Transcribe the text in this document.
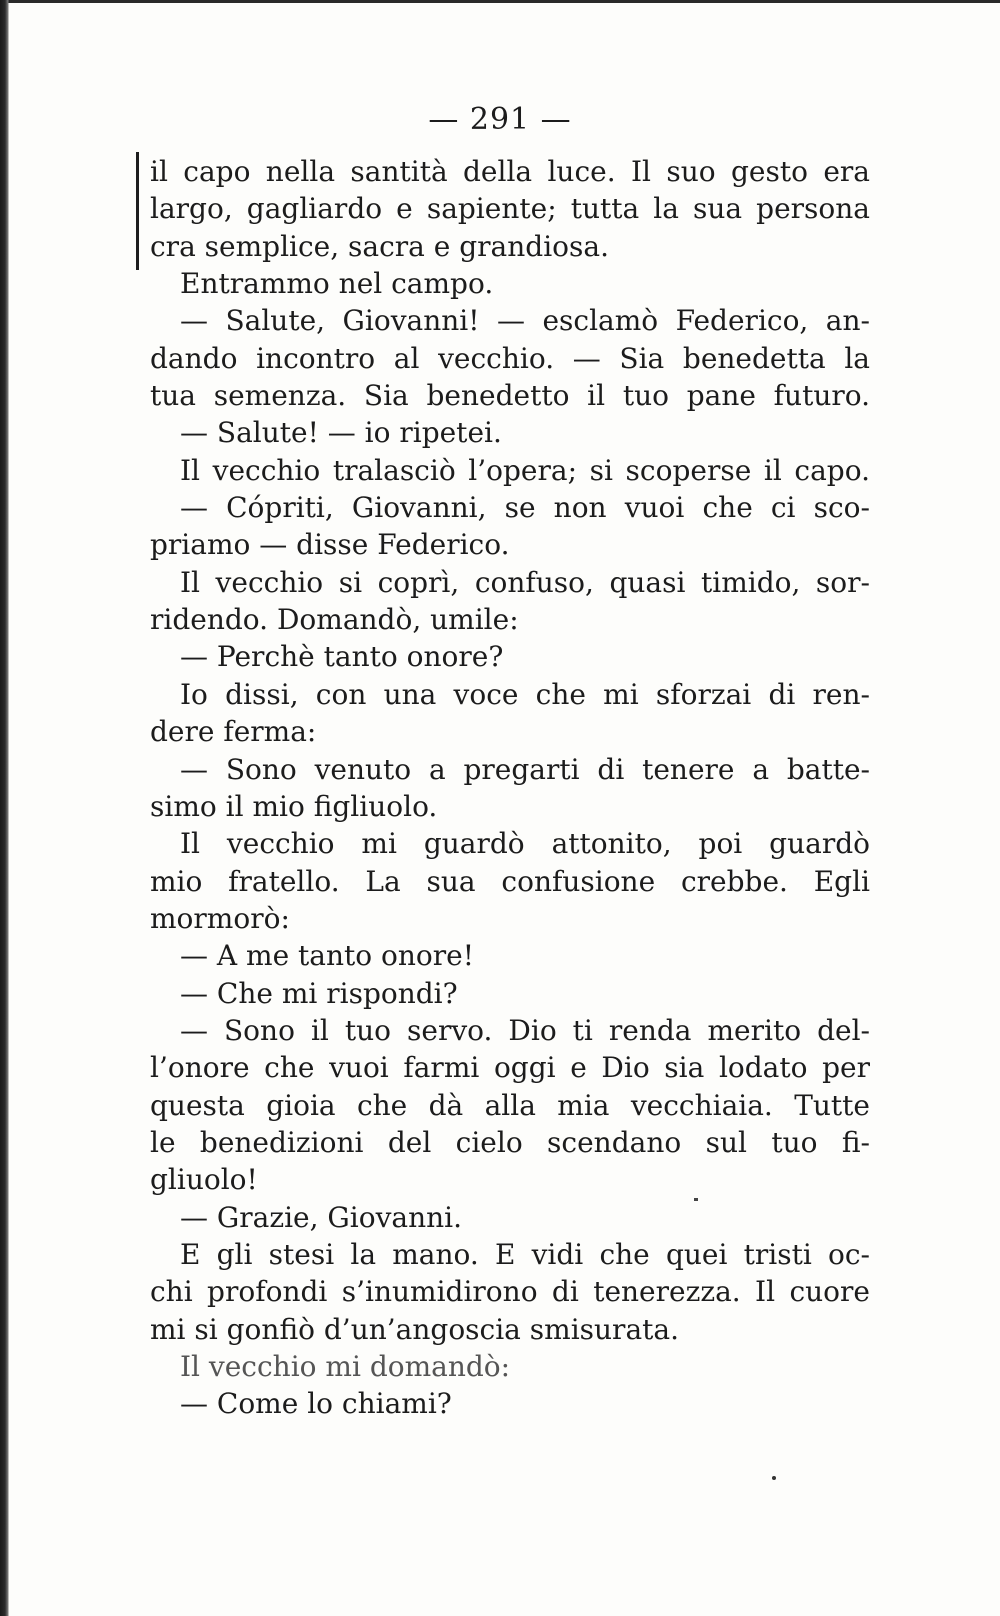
— 291 —
il capo nella santità della luce. Il suo gesto era
largo, gagliardo e sapiente; tutta la sua persona
cra semplice, sacra e grandiosa.
Entrammo nel campo.
— Salute, Giovanni! — esclamò Federico, an-
dando incontro al vecchio. — Sia benedetta la
tua semenza. Sia benedetto il tuo pane futuro.
— Salute! — io ripetei.
Il vecchio tralasciò l’opera; si scoperse il capo.
— Cópriti, Giovanni, se non vuoi che ci sco-
priamo — disse Federico.
Il vecchio si coprì, confuso, quasi timido, sor-
ridendo. Domandò, umile:
— Perchè tanto onore?
Io dissi, con una voce che mi sforzai di ren-
dere ferma:
— Sono venuto a pregarti di tenere a batte-
simo il mio figliuolo.
Il vecchio mi guardò attonito, poi guardò
mio fratello. La sua confusione crebbe. Egli
mormorò:
— A me tanto onore!
— Che mi rispondi?
— Sono il tuo servo. Dio ti renda merito del-
l’onore che vuoi farmi oggi e Dio sia lodato per
questa gioia che dà alla mia vecchiaia. Tutte
le benedizioni del cielo scendano sul tuo fi-
gliuolo!
— Grazie, Giovanni.
E gli stesi la mano. E vidi che quei tristi oc-
chi profondi s’inumidirono di tenerezza. Il cuore
mi si gonfiò d’un’angoscia smisurata.
Il vecchio mi domandò:
— Come lo chiami?
